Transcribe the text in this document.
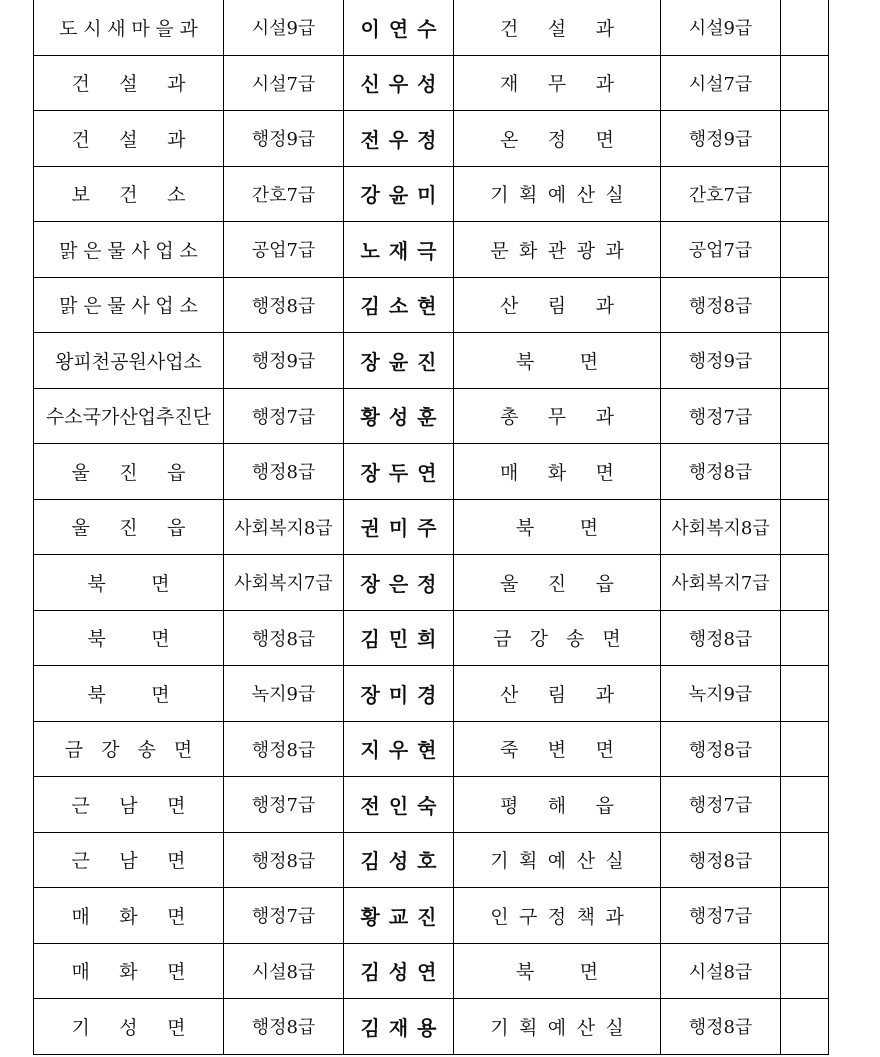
도시새마을과	시설9급	이연수	건설과	시설9급	
건설과	시설7급	신우성	재무과	시설7급	
건설과	행정9급	전우정	온정면	행정9급	
보건소	간호7급	강윤미	기획예산실	간호7급	
맑은물사업소	공업7급	노재극	문화관광과	공업7급	
맑은물사업소	행정8급	김소현	산림과	행정8급	
왕피천공원사업소	행정9급	장윤진	북면	행정9급	
수소국가산업추진단	행정7급	황성훈	총무과	행정7급	
울진읍	행정8급	장두연	매화면	행정8급	
울진읍	사회복지8급	권미주	북면	사회복지8급	
북면	사회복지7급	장은정	울진읍	사회복지7급	
북면	행정8급	김민희	금강송면	행정8급	
북면	녹지9급	장미경	산림과	녹지9급	
금강송면	행정8급	지우현	죽변면	행정8급	
근남면	행정7급	전인숙	평해읍	행정7급	
근남면	행정8급	김성호	기획예산실	행정8급	
매화면	행정7급	황교진	인구정책과	행정7급	
매화면	시설8급	김성연	북면	시설8급	
기성면	행정8급	김재용	기획예산실	행정8급	
